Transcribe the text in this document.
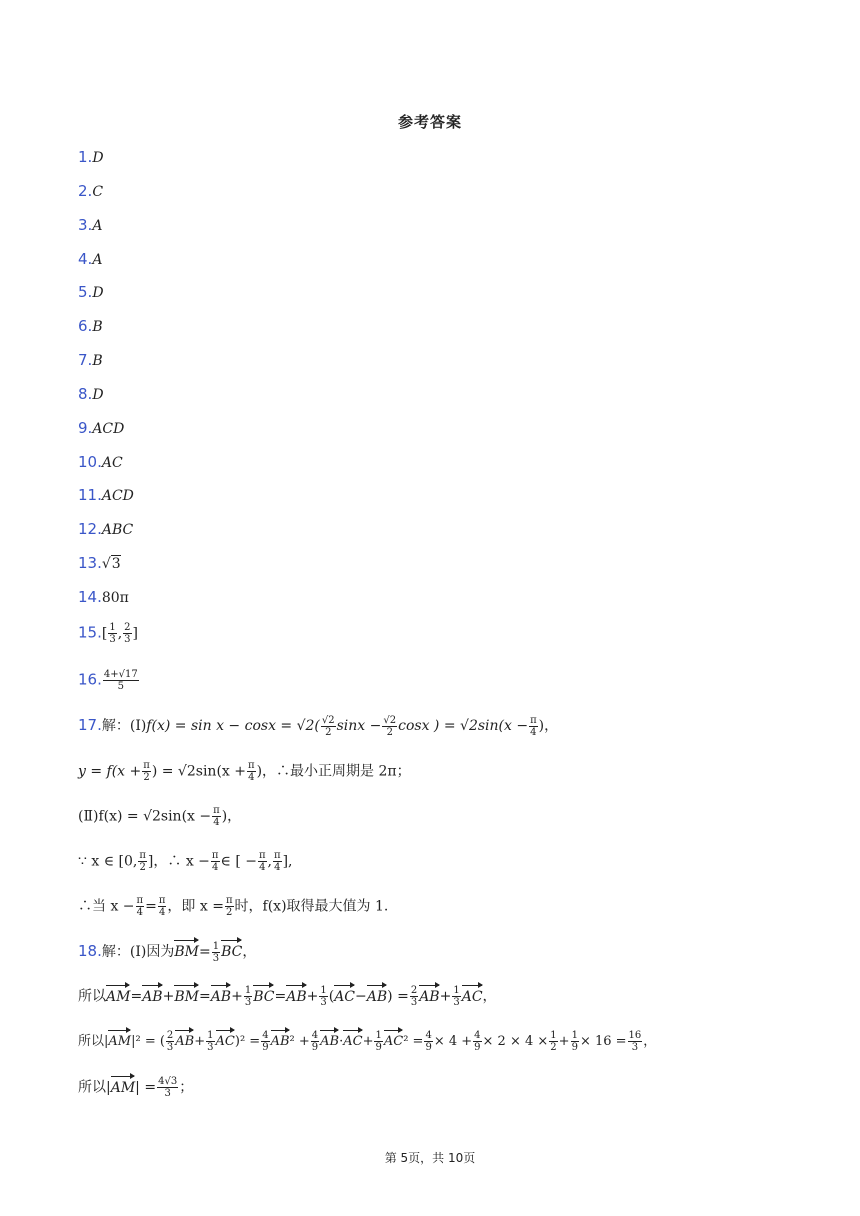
参考答案
1.D
2.C
3.A
4.A
5.D
6.B
7.B
8.D
9.ACD
10.AC
11.ACD
12.ABC
13.√3
14.80π
$15.[ \frac{1}{3}$ , $\frac{2}{3}$ ]
16. $\frac{4+√17}{5}$
17.解：(Ⅰ)f(x) = $\sin x - \cos x = √2( \frac{√2}{2}$ $\sin x - \frac{√2}{2}$ cosx ) = $√2\sin(x - \frac{\pi}{4}$ )，
$y = f(x + \frac{\pi}{2}$ ) = $√2\sin(x + \frac{\pi}{4}$ )，∴最小正周期是 2π；
(Ⅱ)f(x) = $√2\sin(x - \frac{\pi}{4}$ )，
∵ x ∈ [0, $\frac{\pi}{2}$ ]，∴ $x - \frac{\pi}{4}$ ∈ [ − $\frac{\pi}{4}$ , $\frac{\pi}{4}$ ],
∴当 $x - \frac{\pi}{4} = \frac{\pi}{4}$ ，即 $x = \frac{\pi}{2}$ 时，f(x)取得最大值为 1.
18.解：(Ⅰ)因为$BM= \frac{1}{3}$ BC，
所以$AM=AB+BM=AB+ \frac{1}{3} BC=AB+ \frac{1}{3} (AC-AB) = \frac{2}{3} AB+ \frac{1}{3}$ AC，
所以|AM|² = ( $\frac{2}{3} AB+ \frac{1}{3} AC)^2 = \frac{4}{9} AB^2 + \frac{4}{9} AB\cdot AC+ \frac{1}{9} AC^2 = \frac{4}{9} \times 4 + \frac{4}{9} \times 2 \times 4 \times \frac{1}{2} + \frac{1}{9} \times 16 = \frac{16}{3}$ ，
所以$|AM| = \frac{4√3}{3}$ ；
第 5页，共 10页
